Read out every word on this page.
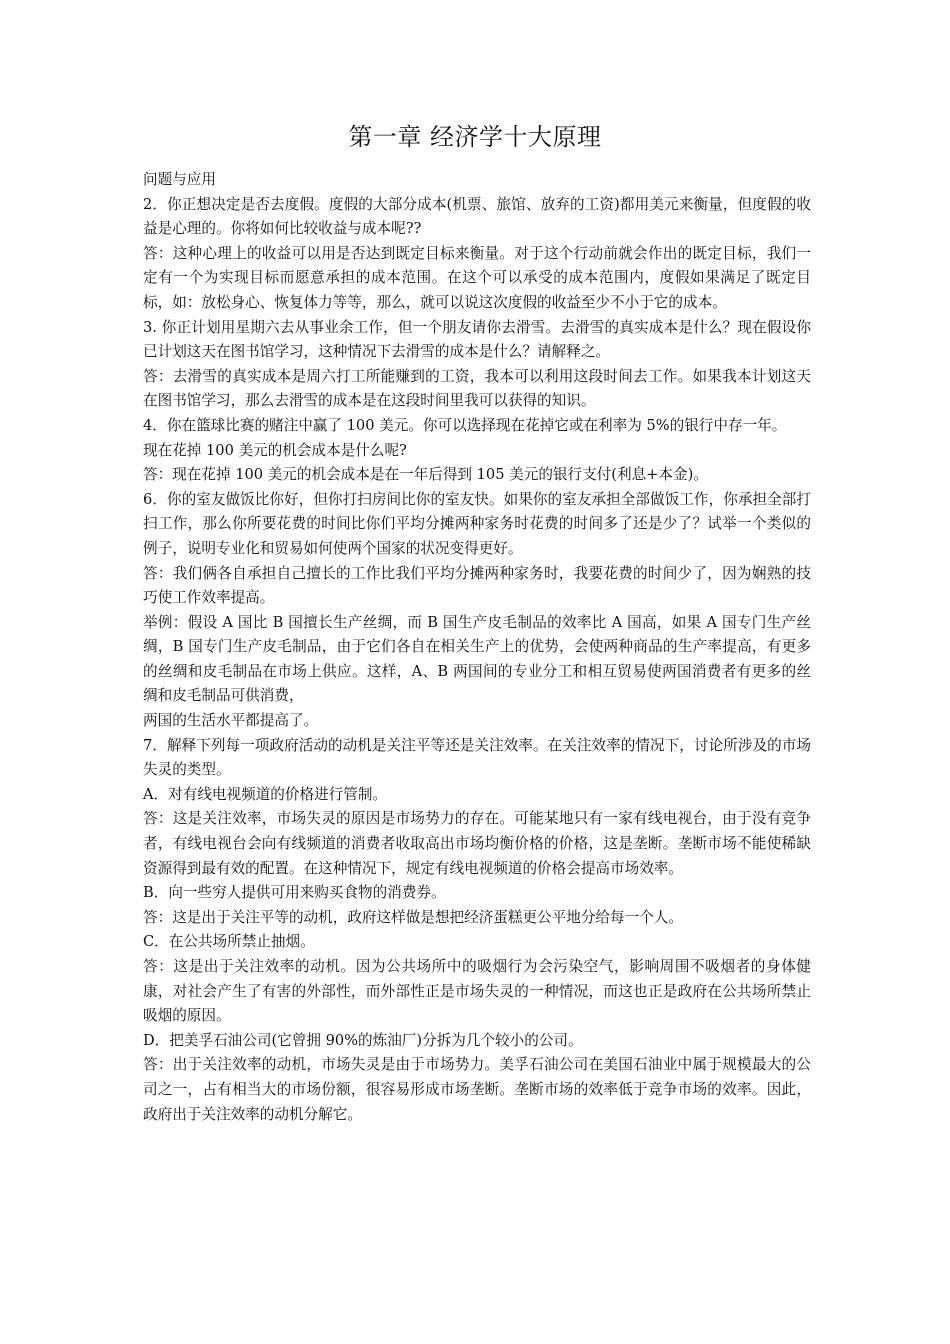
第一章 经济学十大原理

问题与应用

2．你正想决定是否去度假。度假的大部分成本(机票、旅馆、放弃的工资)都用美元来衡量，但度假的收益是心理的。你将如何比较收益与成本呢??

答：这种心理上的收益可以用是否达到既定目标来衡量。对于这个行动前就会作出的既定目标，我们一定有一个为实现目标而愿意承担的成本范围。在这个可以承受的成本范围内，度假如果满足了既定目标，如：放松身心、恢复体力等等，那么，就可以说这次度假的收益至少不小于它的成本。

3. 你正计划用星期六去从事业余工作，但一个朋友请你去滑雪。去滑雪的真实成本是什么？现在假设你已计划这天在图书馆学习，这种情况下去滑雪的成本是什么？请解释之。

答：去滑雪的真实成本是周六打工所能赚到的工资，我本可以利用这段时间去工作。如果我本计划这天在图书馆学习，那么去滑雪的成本是在这段时间里我可以获得的知识。

4．你在篮球比赛的赌注中赢了 100 美元。你可以选择现在花掉它或在利率为 5%的银行中存一年。

现在花掉 100 美元的机会成本是什么呢?

答：现在花掉 100 美元的机会成本是在一年后得到 105 美元的银行支付(利息+本金)。

6．你的室友做饭比你好，但你打扫房间比你的室友快。如果你的室友承担全部做饭工作，你承担全部打扫工作，那么你所要花费的时间比你们平均分摊两种家务时花费的时间多了还是少了？试举一个类似的例子，说明专业化和贸易如何使两个国家的状况变得更好。

答：我们俩各自承担自己擅长的工作比我们平均分摊两种家务时，我要花费的时间少了，因为娴熟的技巧使工作效率提高。

举例：假设 A 国比 B 国擅长生产丝绸，而 B 国生产皮毛制品的效率比 A 国高，如果 A 国专门生产丝绸，B 国专门生产皮毛制品，由于它们各自在相关生产上的优势，会使两种商品的生产率提高，有更多的丝绸和皮毛制品在市场上供应。这样，A、B 两国间的专业分工和相互贸易使两国消费者有更多的丝绸和皮毛制品可供消费，

两国的生活水平都提高了。

7．解释下列每一项政府活动的动机是关注平等还是关注效率。在关注效率的情况下，讨论所涉及的市场失灵的类型。

A．对有线电视频道的价格进行管制。

答：这是关注效率，市场失灵的原因是市场势力的存在。可能某地只有一家有线电视台，由于没有竞争者，有线电视台会向有线频道的消费者收取高出市场均衡价格的价格，这是垄断。垄断市场不能使稀缺资源得到最有效的配置。在这种情况下，规定有线电视频道的价格会提高市场效率。

B．向一些穷人提供可用来购买食物的消费券。

答：这是出于关注平等的动机，政府这样做是想把经济蛋糕更公平地分给每一个人。

C．在公共场所禁止抽烟。

答：这是出于关注效率的动机。因为公共场所中的吸烟行为会污染空气，影响周围不吸烟者的身体健康，对社会产生了有害的外部性，而外部性正是市场失灵的一种情况，而这也正是政府在公共场所禁止吸烟的原因。

D．把美孚石油公司(它曾拥 90%的炼油厂)分拆为几个较小的公司。

答：出于关注效率的动机，市场失灵是由于市场势力。美孚石油公司在美国石油业中属于规模最大的公司之一，占有相当大的市场份额，很容易形成市场垄断。垄断市场的效率低于竞争市场的效率。因此，政府出于关注效率的动机分解它。
